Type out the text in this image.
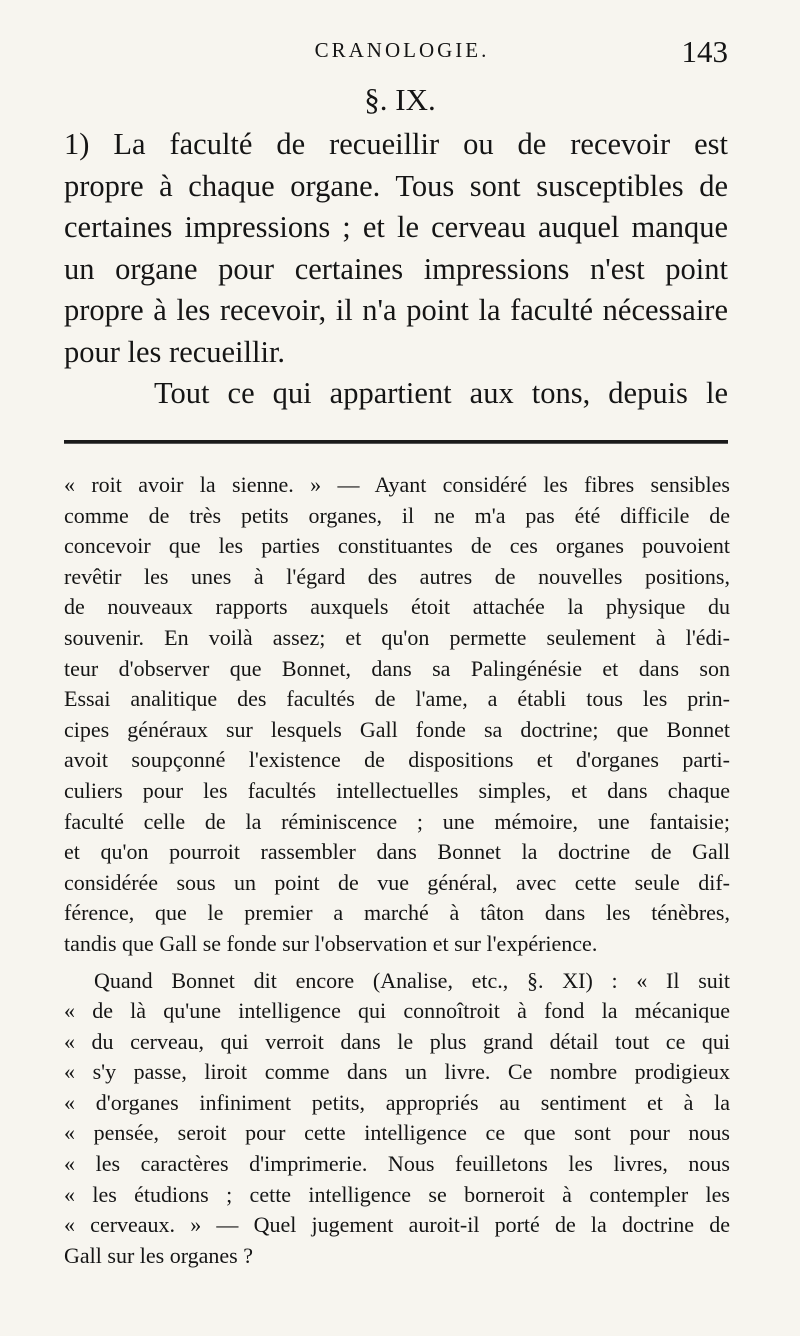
CRANOLOGIE.	143
§. IX.
1) La faculté de recueillir ou de recevoir est
propre à chaque organe. Tous sont susceptibles de
certaines impressions ; et le cerveau auquel manque
un organe pour certaines impressions n'est point
propre à les recevoir, il n'a point la faculté nécessaire
pour les recueillir.
Tout ce qui appartient aux tons, depuis le
« roit avoir la sienne. » — Ayant considéré les fibres sensibles
comme de très petits organes, il ne m'a pas été difficile de
concevoir que les parties constituantes de ces organes pouvoient
revêtir les unes à l'égard des autres de nouvelles positions,
de nouveaux rapports auxquels étoit attachée la physique du
souvenir. En voilà assez; et qu'on permette seulement à l'édi-
teur d'observer que Bonnet, dans sa Palingénésie et dans son
Essai analitique des facultés de l'ame, a établi tous les prin-
cipes généraux sur lesquels Gall fonde sa doctrine; que Bonnet
avoit soupçonné l'existence de dispositions et d'organes parti-
culiers pour les facultés intellectuelles simples, et dans chaque
faculté celle de la réminiscence ; une mémoire, une fantaisie;
et qu'on pourroit rassembler dans Bonnet la doctrine de Gall
considérée sous un point de vue général, avec cette seule dif-
férence, que le premier a marché à tâton dans les ténèbres,
tandis que Gall se fonde sur l'observation et sur l'expérience.
Quand Bonnet dit encore (Analise, etc., §. XI) : « Il suit
« de là qu'une intelligence qui connoîtroit à fond la mécanique
« du cerveau, qui verroit dans le plus grand détail tout ce qui
« s'y passe, liroit comme dans un livre. Ce nombre prodigieux
« d'organes infiniment petits, appropriés au sentiment et à la
« pensée, seroit pour cette intelligence ce que sont pour nous
« les caractères d'imprimerie. Nous feuilletons les livres, nous
« les étudions ; cette intelligence se borneroit à contempler les
« cerveaux. » — Quel jugement auroit-il porté de la doctrine de
Gall sur les organes ?
